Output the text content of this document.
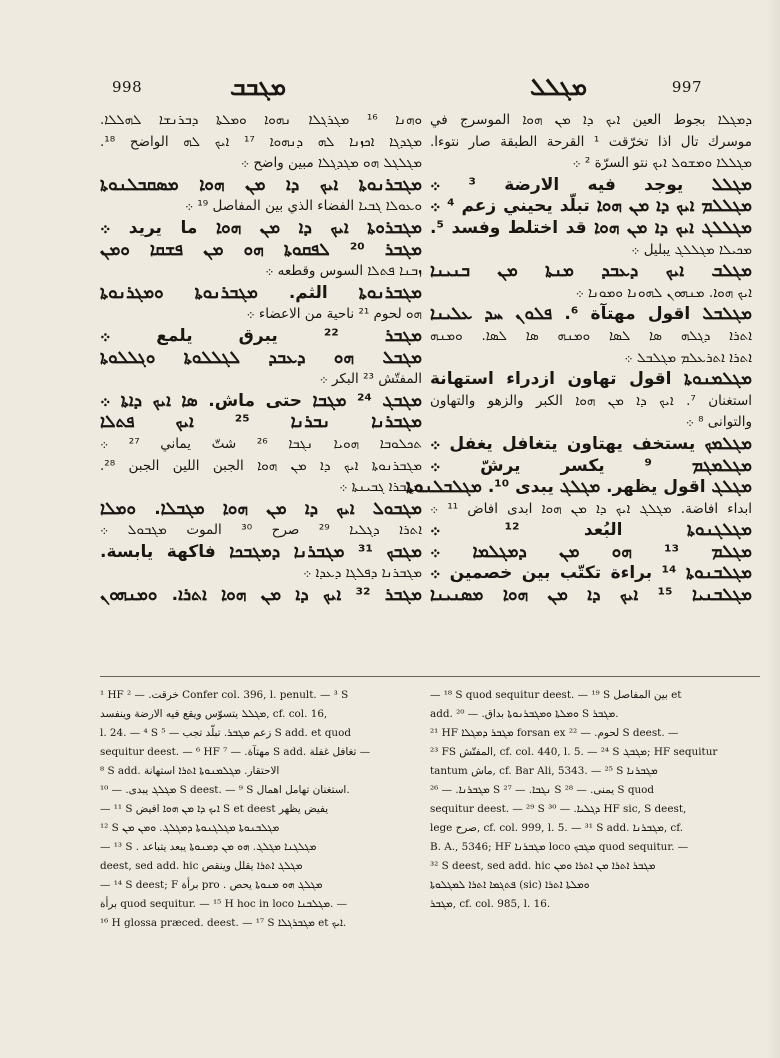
998	ܡܓܒܒ	ܡܓܠܠ	997
ܘܗܢܐ ¹⁶ ܡܓܪܓܠܐ ܢܗܘܐ ܘܡܠܬܐ ܕܒܪܢܫܐ ܠܗܠܠܐ.
ܡܓܕܓܐ ܐܟܙܢܐ ܠܗ ܕܢܗܘܐ ¹⁷ ܐܝܟ ܠܗ الواضح ¹⁸.
ܡܓܠܓܠ ܗܘ ܡܓܕܓܠܐ مبين واضح ܀
ܡܓܒܪܢܘܬܐ ܐܝܟ ܕܐ ܡܢ ܗܘܐ ܡܣܩܒܠܢܘܬܐ
ܘܥܘܠܐ ܓܒܝܐ الفضاء الذي بين المفاصل ¹⁹ ܀
ܡܓܒܪܘܬܐ ܐܝܟ ܕܐ ܡܢ ܗܘܐ ما يريد ܀
ܡܓܒܪ ²⁰ ܠܦܩܘܬܐ ܗܘ ܡܢ ܦܫܩܐ ܘܡܢ
ܙܒܢܐ ܦܬܠܐ السوس وقطعه ܀
ܡܓܒܪܢܘܬܐ الثم. ܡܓܒܪܢܘܬܐ ܘܡܓܪܢܘܬܐ
ܗܘ لحوم ²¹ ناحية من الاعضاء ܀
ܡܓܒܪ ²² يبرق يلمع ܀
ܡܓܒܠ ܗܘ ܕܥܒܕ ܠܓܠܠܘܬܐ ܘܓܠܠܘܬܐ
المفتّش ²³ البكر ܀
ܡܓܒܓ ²⁴ ܡܓܒܐ حتى ماش. ܣܐ ܐܝܟ ܕܐܬܐ ܀
ܡܓܒܪܢܐ ܢܒܪܢܐ ²⁵ ܐܝܟ ܦܬܠܐ
ܬܟܠܘܒܐ ܗܘܝܐ ܢܓܒܐ ²⁶ شتّ يماني ²⁷ ܀
ܡܓܒܪܢܘܬܐ ܐܝܟ ܕܐ ܡܢ ܗܘܐ الجبن اللين الجبن ²⁸.
ܡܓܒܪܐ ܓܒܝܢܬܐ ܀
ܡܓܒܘܠ ܐܝܟ ܕܐ ܡܢ ܗܘܐ ܡܓܒܠܐ. ܘܡܠܐ
ܐܬܪܐ ܕܓܠܝܐ ²⁹ صرح ³⁰ الموت ܡܓܒܘܠ ܀
ܡܓܒܟ ³¹ ܡܓܒܪܢܐ ܕܡܓܒܟܐ فاكهة يابسة.
ܡܓܒܪܢܐ ܕܦܠܓܐ ܕܥܕܐ ܀
ܡܓܒܪ ³² ܐܝܟ ܕܐ ܡܢ ܗܘܐ ܐܬܪܐ. ܘܡܢܗܘܢ
ܕܡܓܠܐ بجوط العين ܐܝܟ ܕܐ ܡܢ ܗܘܐ الموسرج في
موسرك تال اذا تخرّقت ¹ القرحة الطبقة صار نتوءا.
ܡܓܠܠܐ ܘܡܫܘܠ ܐܝܟ نتو السرّة ² ܀
ܡܓܠܠ يوجد فيه الارضة ³ ܀
ܡܓܠܠܡ ܐܝܟ ܕܐ ܡܢ ܗܘܐ تبلّد يحيني زعم ⁴ ܀
ܡܓܠܠܓ ܐܝܟ ܕܐ ܡܢ ܗܘܐ قد اختلط وفسد ⁵.
ܡܟܝܠܐ ܡܓܠܠܓ يبليل ܀
ܡܓܠܒ ܐܝܟ ܕܥܒܕ ܡܢܬܐ ܡܢ ܒܢܝܢܐ
ܐܝܟ ܗܘܐ. ܡܢܗܘܢ ܠܗܘܢܐ ܘܡܘܢܐ ܀
ܡܓܠܒܠ اقول مهتآة ⁶. ܦܠܘܢ ܚܕ ܥܠܝܢܐ
ܐܬܪܐ ܕܓܠܗ ܣܐ ܠܣܐ ܘܡܢܗ ܣܐ ܠܣܐ. ܘܡܢܗ
ܐܬܪܐ ܐܬܪܥܠܡ ܡܓܠܒܠ ܀
ܡܓܠܡܢܘܬܐ اقول تهاون ازدراء استهانة
استغنان ⁷. ܐܝܟ ܕܐ ܡܢ ܗܘܐ الكبر والزهو والتهاون
والتوانى ⁸ ܀
ܡܓܠܡܟ يستخف يهتاون يتغافل يغفل ܀
ܡܓܠܡܓܡ ⁹ يكسر يرشّ ܀
ܡܓܠܓ اقول يظهر. ܡܓܠܓ يبدى ¹⁰. ܡܓܠܒܠܢܘܬܐ
ابداء افاضة. ܡܓܠܓ ܐܝܟ ܕܐ ܡܢ ܗܘܐ ابدى افاض ¹¹ ܀
ܡܓܠܓܢܘܬܐ البُعد ¹² ܀
ܡܓܠܡ ¹³ ܗܘ ܡܢ ܕܡܓܠܡܐ ܀
ܡܓܠܒܢܘܬܐ ¹⁴ براءة تكتّب بين خصمين ܀
ܡܓܠܒܢܝܐ ¹⁵ ܐܝܟ ܕܐ ܡܢ ܗܘܐ ܡܣܢܝܢܐ
¹ HF خرقت. — ² Confer col. 396, l. penult. — ³ S
ܡܓܠܠ يتسوّس ويقع فيه الارضة وينفسد, cf. col. 16,
l. 24. — ⁴ S زعم ܡܓܒܪ. تبلّد تجب — ⁵ S add. et quod
sequitur deest. — ⁶ HF مهتآة. — ⁷ S add. تغافل غفلة —
⁸ S add. الاحتقار. ܡܓܠܡܢܘܬܐ ܐܬܪܐ استهانة
ܡܓܠܓ يبدى. — ¹⁰ S deest. — ⁹ S استغنان تهامل اهمال.
— ¹¹ S ܐܝܟ ܕܐ ܡܢ ܗܘܐ افيض S et deest يفيض يظهر
¹² S ܡܓܠܒܢܘܬܐ ܡܓܠܓܢܘܬܐ ܕܡܓܠܓ. ܘܡܢ ܡܢ
— ¹³ S . ܡܓܠܓܢܐ ܡܓܠܓ. ܗܘ ܡܢ ܕܡܢܘܬܐ يبعد يتباعد
deest, sed add. hic ܡܓܠܓ ܐܬܪܐ يقلل وينقص
— ¹⁴ S deest; F برأة pro . ܡܓܠܓ ܗܘ ܡܢܘܬܐ يحص
برأة quod sequitur. — ¹⁵ H hoc in loco ܡܓܠܒܢܐ. —
¹⁶ H glossa præced. deest. — ¹⁷ S ܡܓܒܪܓܠܐ et ܐܝܟ.
— ¹⁸ S quod sequitur deest. — ¹⁹ S بين المفاصل et
add. ܘܡܠܬܐ ܘܡܓܒܪܢܘܬܐ بداق. — ²⁰ S ܡܓܒܪ.
²¹ HF ܡܓܒܪ ܕܡܓܠܐ forsan ex لحوم. — ²² S deest. —
²³ FS المفتّش, cf. col. 440, l. 5. — ²⁴ S ܡܓܒܓ; HF sequitur
tantum ماش, cf. Bar Ali, 5343. — ²⁵ S ܡܓܒܪܢܐ
ܡܓܒܪܢܐ. — ²⁶ S ܢܓܒܐ. — ²⁷ S يمنى. — ²⁸ S quod
sequitur deest. — ²⁹ S ܕܓܠܝܐ. — ³⁰ HF sic, S deest,
lege صرح, cf. col. 999, l. 5. — ³¹ S add. ܡܓܒܪܢܐ, cf.
B. A., 5346; HF ܡܓܒܪܢܐ loco ܡܓܒܟ quod sequitur. —
³² S deest, sed add. hic ܡܓܒܪ ܐܬܪܐ ܡܢ ܐܬܪܐ ܘܡܢ
ܦܬܓܡܐ ܐܬܪܐ ܠܡܓܠܘܬܐ (sic) ܘܡܠܬܐ ܐܬܪܐ
ܡܓܒܪ, cf. col. 985, l. 16.
